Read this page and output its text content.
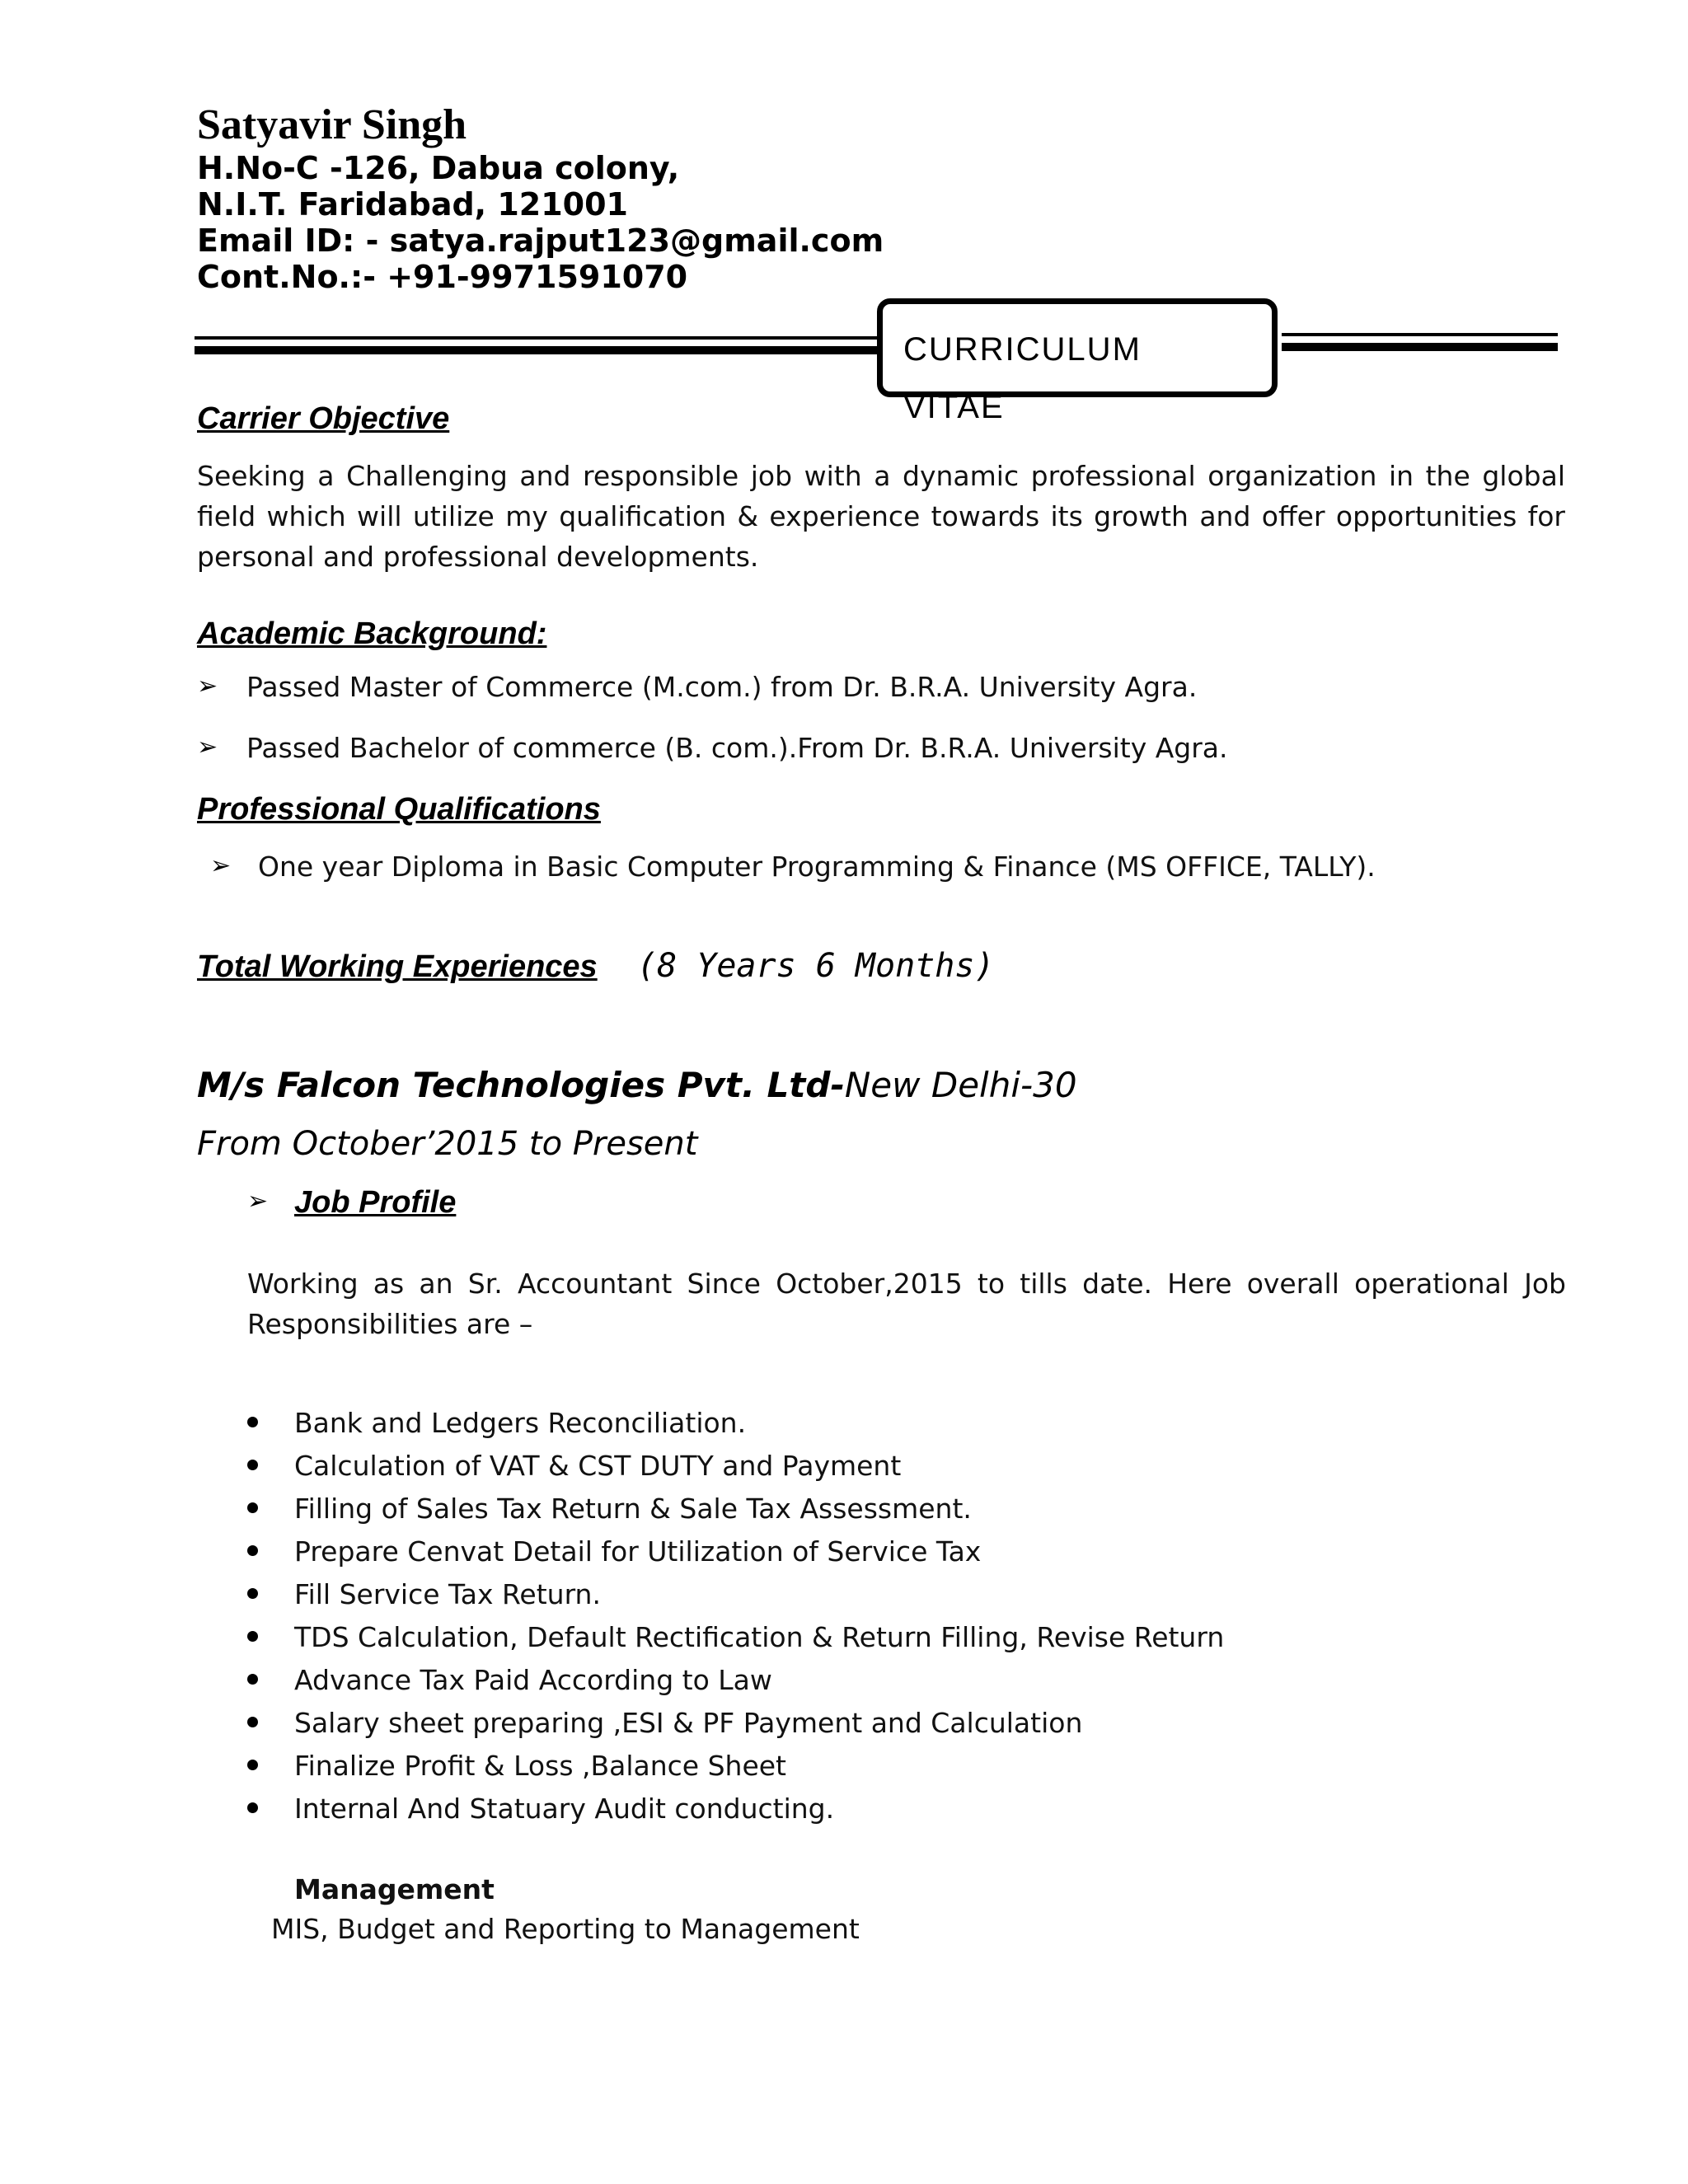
Satyavir Singh
H.No-C -126, Dabua colony,
N.I.T. Faridabad, 121001
Email ID: - satya.rajput123@gmail.com
Cont.No.:- +91-9971591070
CURRICULUM
VITAE
Carrier Objective
Seeking a Challenging and responsible job with a dynamic professional organization in the global field which will utilize my qualification & experience towards its growth and offer opportunities for personal and professional developments.
Academic Background:
➢ Passed Master of Commerce (M.com.) from Dr. B.R.A. University Agra.
➢ Passed Bachelor of commerce (B. com.).From Dr. B.R.A. University Agra.
Professional Qualifications
➢ One year Diploma in Basic Computer Programming & Finance (MS OFFICE, TALLY).
Total Working Experiences (8 Years 6 Months)
M/s Falcon Technologies Pvt. Ltd-New Delhi-30
From October’2015 to Present
➢ Job Profile
Working as an Sr. Accountant Since October,2015 to tills date. Here overall operational Job Responsibilities are –
Bank and Ledgers Reconciliation.
Calculation of VAT & CST DUTY and Payment
Filling of Sales Tax Return & Sale Tax Assessment.
Prepare Cenvat Detail for Utilization of Service Tax
Fill Service Tax Return.
TDS Calculation, Default Rectification & Return Filling, Revise Return
Advance Tax Paid According to Law
Salary sheet preparing ,ESI & PF Payment and Calculation
Finalize Profit & Loss ,Balance Sheet
Internal And Statuary Audit conducting.
Management
MIS, Budget and Reporting to Management
